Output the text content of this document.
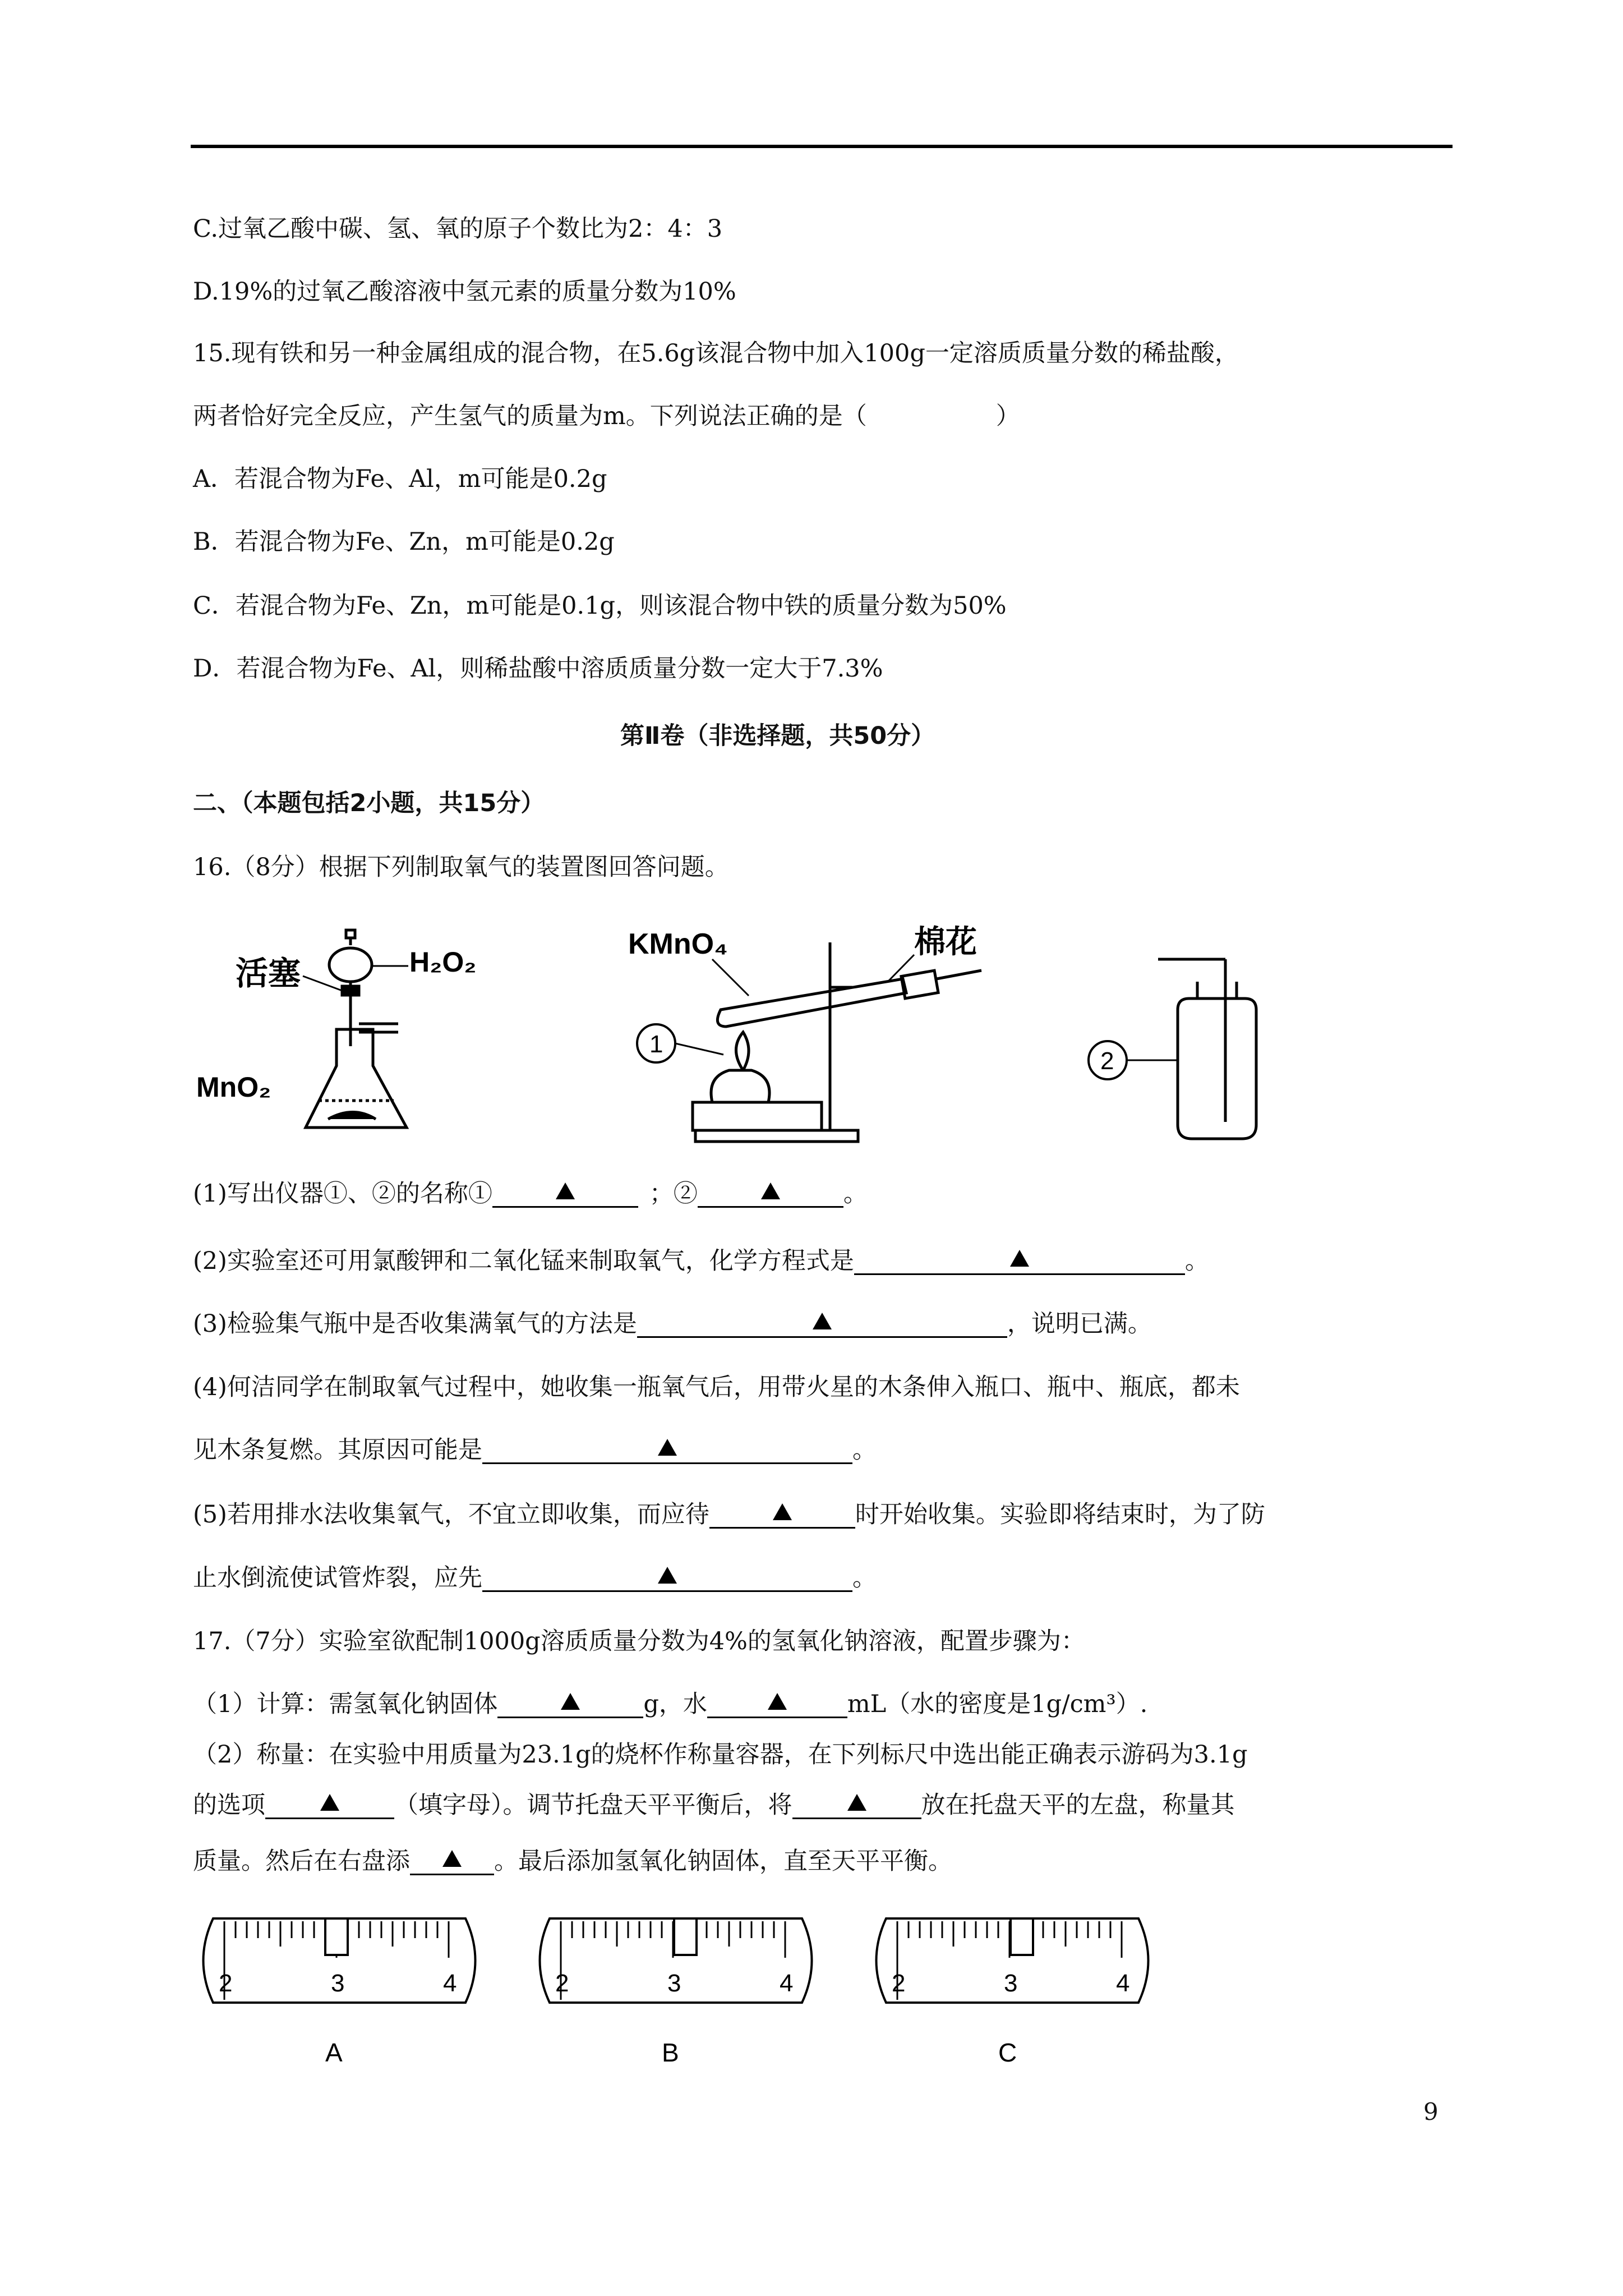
C.过氧乙酸中碳、氢、氧的原子个数比为2：4：3
D.19%的过氧乙酸溶液中氢元素的质量分数为10%
15.现有铁和另一种金属组成的混合物，在5.6g该混合物中加入100g一定溶质质量分数的稀盐酸，
两者恰好完全反应，产生氢气的质量为m。下列说法正确的是（	）
A．若混合物为Fe、Al，m可能是0.2g
B．若混合物为Fe、Zn，m可能是0.2g
C．若混合物为Fe、Zn，m可能是0.1g，则该混合物中铁的质量分数为50%
D．若混合物为Fe、Al，则稀盐酸中溶质质量分数一定大于7.3%
第Ⅱ卷（非选择题，共50分）
二、（本题包括2小题，共15分）
16.（8分）根据下列制取氧气的装置图回答问题。
活塞	H₂O₂
MnO₂
KMnO₄	棉花
1
2
(1)写出仪器①、②的名称①	；②	。
(2)实验室还可用氯酸钾和二氧化锰来制取氧气，化学方程式是	。
(3)检验集气瓶中是否收集满氧气的方法是	，说明已满。
(4)何洁同学在制取氧气过程中，她收集一瓶氧气后，用带火星的木条伸入瓶口、瓶中、瓶底，都未
见木条复燃。其原因可能是	。
(5)若用排水法收集氧气，不宜立即收集，而应待	时开始收集。实验即将结束时，为了防
止水倒流使试管炸裂，应先	。
17.（7分）实验室欲配制1000g溶质质量分数为4%的氢氧化钠溶液，配置步骤为：
（1）计算：需氢氧化钠固体	g，水	mL（水的密度是1g/cm³）.
（2）称量：在实验中用质量为23.1g的烧杯作称量容器，在下列标尺中选出能正确表示游码为3.1g
的选项	（填字母）。调节托盘天平平衡后，将	放在托盘天平的左盘，称量其
质量。然后在右盘添	。最后添加氢氧化钠固体，直至天平平衡。
2	3	4
A
2	3	4
B
2	3	4
C
9
